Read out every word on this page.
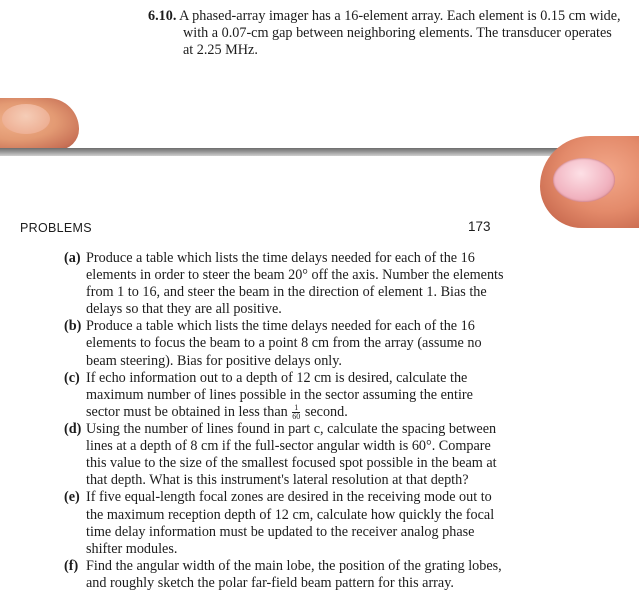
6.10. A phased-array imager has a 16-element array. Each element is 0.15 cm wide,
with a 0.07-cm gap between neighboring elements. The transducer operates
at 2.25 MHz.
PROBLEMS	173
(a) Produce a table which lists the time delays needed for each of the 16
elements in order to steer the beam 20° off the axis. Number the elements
from 1 to 16, and steer the beam in the direction of element 1. Bias the
delays so that they are all positive.
(b) Produce a table which lists the time delays needed for each of the 16
elements to focus the beam to a point 8 cm from the array (assume no
beam steering). Bias for positive delays only.
(c) If echo information out to a depth of 12 cm is desired, calculate the
maximum number of lines possible in the sector assuming the entire
sector must be obtained in less than $\frac{1}{60}$ second.
(d) Using the number of lines found in part c, calculate the spacing between
lines at a depth of 8 cm if the full-sector angular width is 60°. Compare
this value to the size of the smallest focused spot possible in the beam at
that depth. What is this instrument's lateral resolution at that depth?
(e) If five equal-length focal zones are desired in the receiving mode out to
the maximum reception depth of 12 cm, calculate how quickly the focal
time delay information must be updated to the receiver analog phase
shifter modules.
(f) Find the angular width of the main lobe, the position of the grating lobes,
and roughly sketch the polar far-field beam pattern for this array.
